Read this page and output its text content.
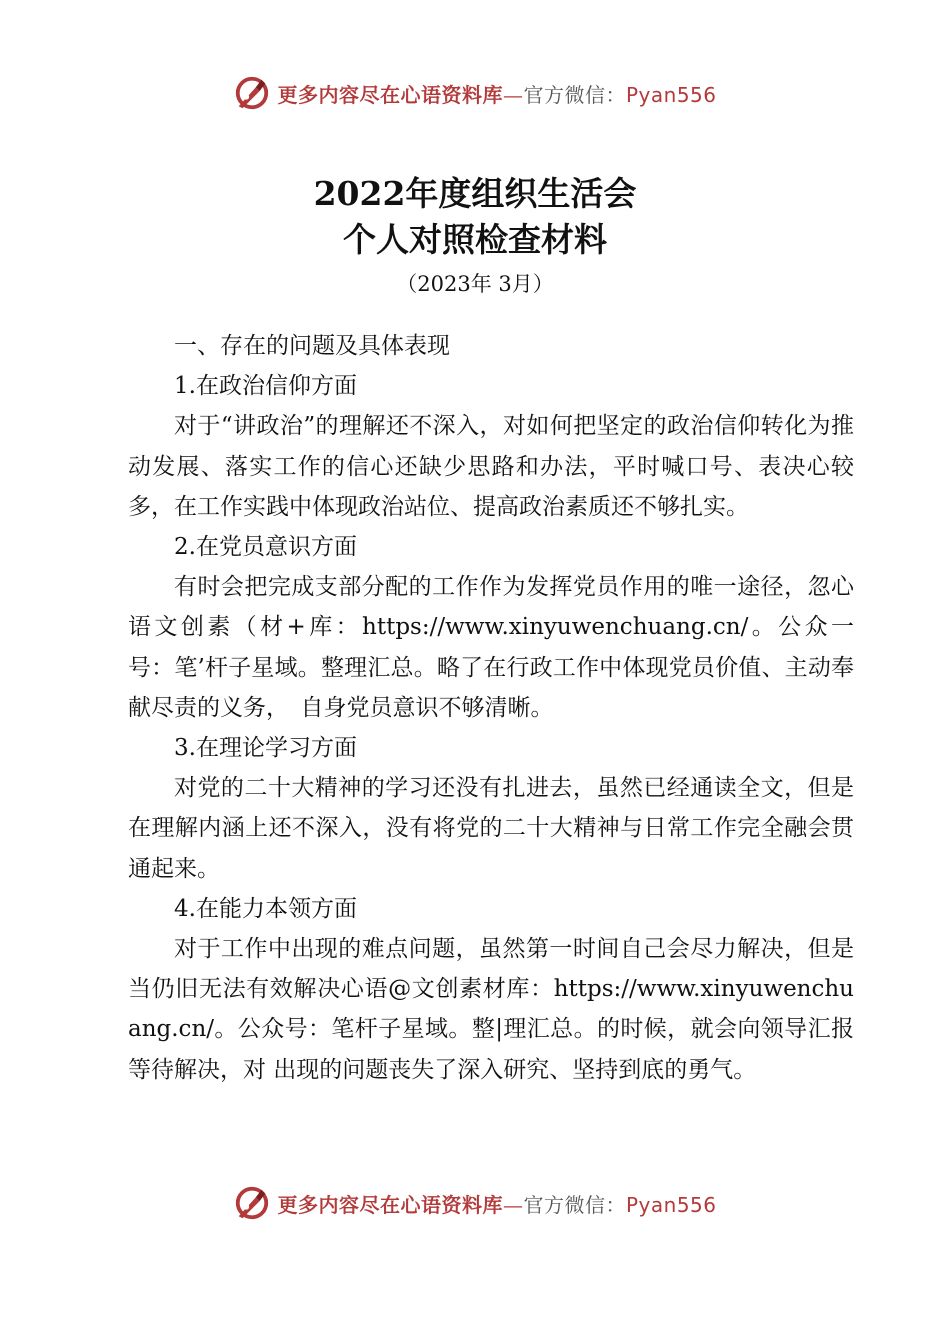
更多内容尽在心语资料库—官方微信：Pyan556
2022年度组织生活会
个人对照检查材料
（2023年 3月）

一、存在的问题及具体表现

1.在政治信仰方面

对于“讲政治”的理解还不深入，对如何把坚定的政治信仰转化为推动发展、落实工作的信心还缺少思路和办法，平时喊口号、表决心较多，在工作实践中体现政治站位、提高政治素质还不够扎实。

2.在党员意识方面

有时会把完成支部分配的工作作为发挥党员作用的唯一途径，忽心语文创素（材+库：https://www.xinyuwenchuang.cn/。公众一号：笔’杆子星域。整理汇总。略了在行政工作中体现党员价值、主动奉献尽责的义务，　自身党员意识不够清晰。

3.在理论学习方面

对党的二十大精神的学习还没有扎进去，虽然已经通读全文，但是在理解内涵上还不深入，没有将党的二十大精神与日常工作完全融会贯通起来。

4.在能力本领方面

对于工作中出现的难点问题，虽然第一时间自己会尽力解决，但是当仍旧无法有效解决心语@文创素材库：https://www.xinyuwenchuang.cn/。公众号：笔杆子星域。整|理汇总。的时候，就会向领导汇报等待解决，对 出现的问题丧失了深入研究、坚持到底的勇气。

更多内容尽在心语资料库—官方微信：Pyan556
